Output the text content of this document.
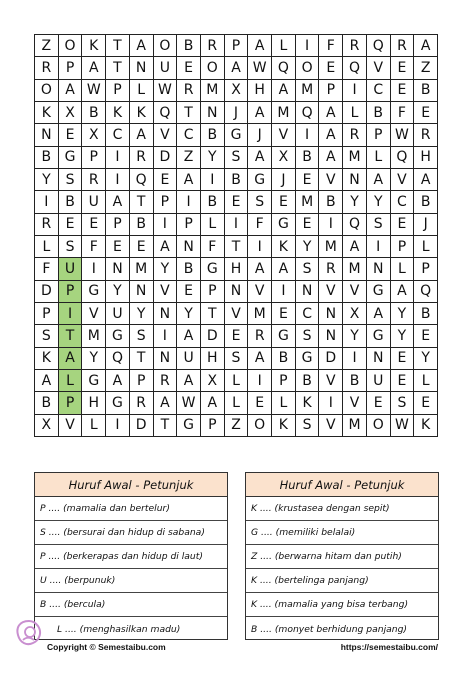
Z O K	T	A O B	R	P	A	L	I	F	R Q R	A
R	P	A	T	N U	E O A W Q O E Q V	E	Z
O A W P	L W R M X H A M P	I	C	E	B
K	X	B	K	K Q T	N	J	A M Q A	L	B	F	E
N	E	X	C	A	V	C	B G	J	V	I	A	R	P W R
B G	P	I	R D Z	Y	S	A	X	B	A M L	Q H
Y	S	R	I	Q E	A	I	B G	J	E	V N A	V	A
I	B U A	T	P	I	B	E	S	E M B	Y	Y	C	B
R	E	E	P	B	I	P	L	I	F	G E	I	Q S	E	J
L	S	F	E	E	A N	F	T	I	K	Y M A	I	P	L
F	U	I	N M Y	B G H A	A	S	R M N	L	P
D	P	G Y	N V	E	P	N V	I	N V	V G A Q
P	I	V U	Y	N	Y	T	V M E	C N X	A	Y	B
S	T M G S	I	A D E	R G S	N	Y	G Y	E
K	A	Y Q T	N U H	S	A	B G D	I	N	E	Y
A	L	G A	P	R	A	X	L	I	P	B	V	B U	E	L
B	P	H G R	A W A	L	E	L	K	I	V	E	S	E
X	V	L	I	D	T	G	P	Z O K	S	V M O W K
Huruf Awal - Petunjuk
P .... (mamalia dan bertelur)
S .... (bersurai dan hidup di sabana)
P .... (berkerapas dan hidup di laut)
U .... (berpunuk)
B .... (bercula)
L .... (menghasilkan madu)
Huruf Awal - Petunjuk
K .... (krustasea dengan sepit)
G .... (memiliki belalai)
Z .... (berwarna hitam dan putih)
K .... (bertelinga panjang)
K .... (mamalia yang bisa terbang)
B .... (monyet berhidung panjang)
Copyright © Semestaibu.com	https://semestaibu.com/
